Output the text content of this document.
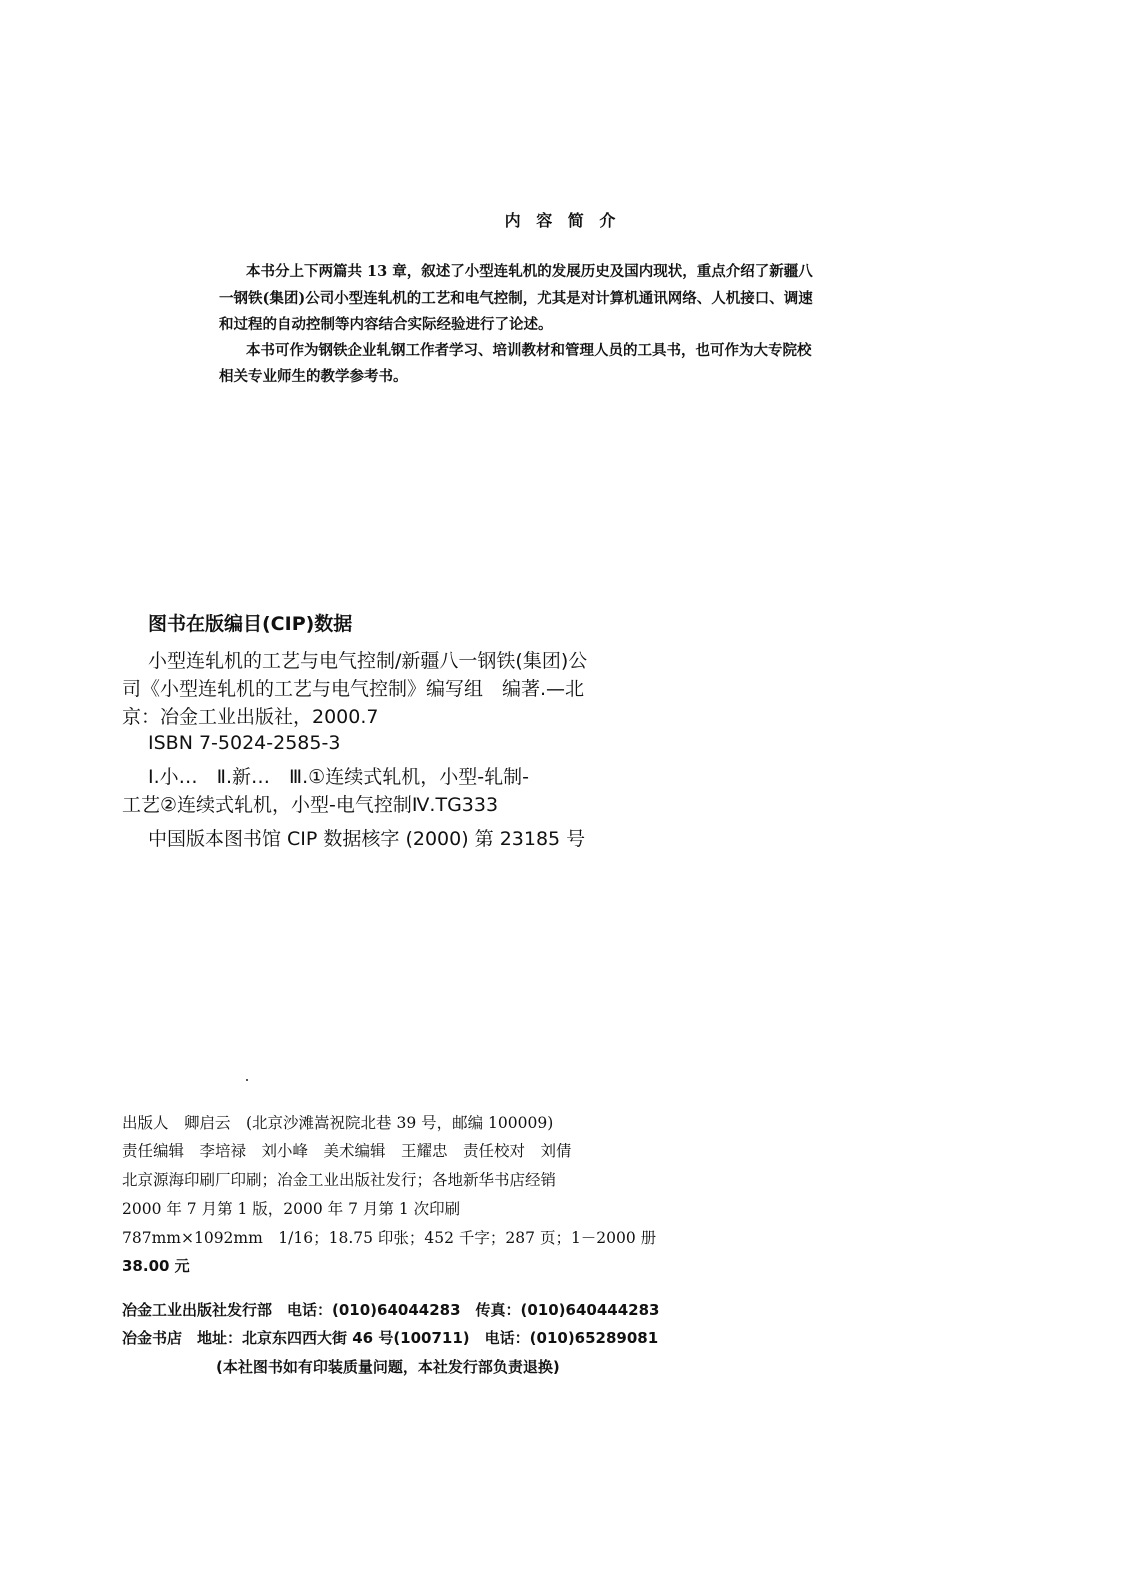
内 容 简 介
本书分上下两篇共 13 章，叙述了小型连轧机的发展历史及国内现状，重点介绍了新疆八
一钢铁(集团)公司小型连轧机的工艺和电气控制，尤其是对计算机通讯网络、人机接口、调速
和过程的自动控制等内容结合实际经验进行了论述。
本书可作为钢铁企业轧钢工作者学习、培训教材和管理人员的工具书，也可作为大专院校
相关专业师生的教学参考书。
图书在版编目(CIP)数据
小型连轧机的工艺与电气控制/新疆八一钢铁(集团)公
司《小型连轧机的工艺与电气控制》编写组　编著.—北
京：冶金工业出版社，2000.7
ISBN 7-5024-2585-3
Ⅰ.小…　Ⅱ.新…　Ⅲ.①连续式轧机，小型-轧制-
工艺②连续式轧机，小型-电气控制Ⅳ.TG333
中国版本图书馆 CIP 数据核字 (2000) 第 23185 号
出版人　卿启云　(北京沙滩嵩祝院北巷 39 号，邮编 100009)
责任编辑　李培禄　刘小峰　美术编辑　王耀忠　责任校对　刘倩
北京源海印刷厂印刷；冶金工业出版社发行；各地新华书店经销
2000 年 7 月第 1 版，2000 年 7 月第 1 次印刷
787mm×1092mm　1/16；18.75 印张；452 千字；287 页；1－2000 册
38.00 元
冶金工业出版社发行部　电话：(010)64044283　传真：(010)640444283
冶金书店　地址：北京东四西大街 46 号(100711)　电话：(010)65289081
(本社图书如有印装质量问题，本社发行部负责退换)
